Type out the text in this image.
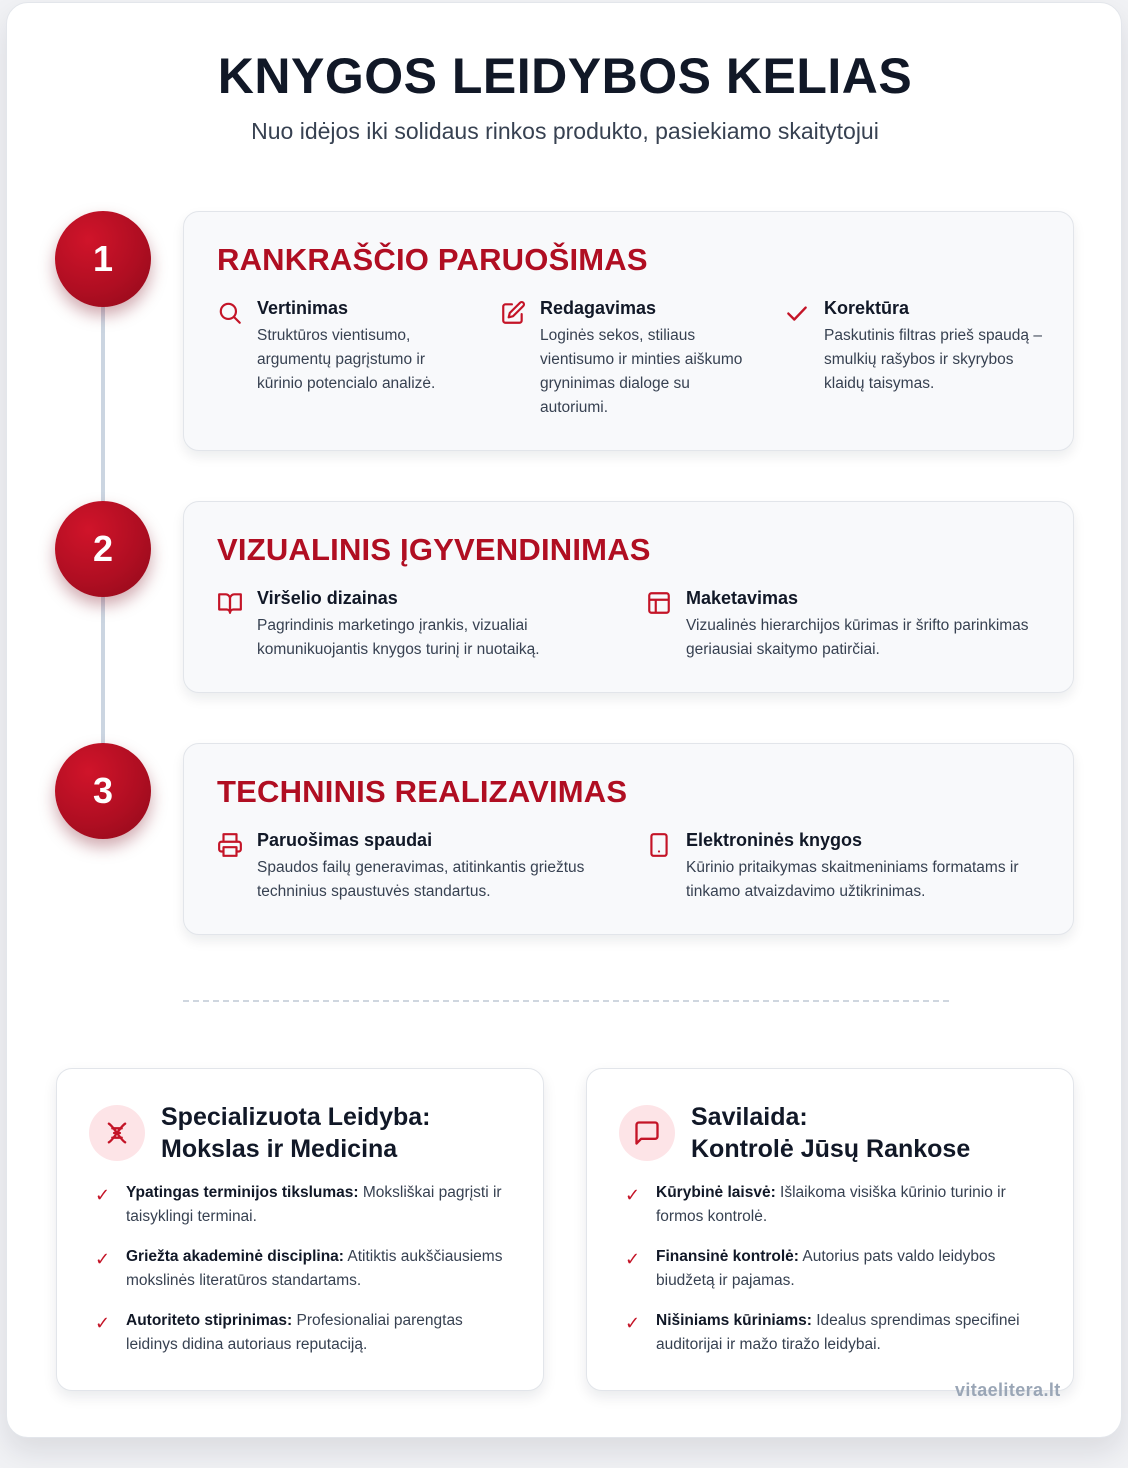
KNYGOS LEIDYBOS KELIAS
Nuo idėjos iki solidaus rinkos produkto, pasiekiamo skaitytojui
1	RANKRAŠČIO PARUOŠIMAS
Vertinimas
Struktūros vientisumo, argumentų pagrįstumo ir kūrinio potencialo analizė.
Redagavimas
Loginės sekos, stiliaus vientisumo ir minties aiškumo gryninimas dialoge su autoriumi.
Korektūra
Paskutinis filtras prieš spaudą – smulkių rašybos ir skyrybos klaidų taisymas.
2	VIZUALINIS ĮGYVENDINIMAS
Viršelio dizainas
Pagrindinis marketingo įrankis, vizualiai komunikuojantis knygos turinį ir nuotaiką.
Maketavimas
Vizualinės hierarchijos kūrimas ir šrifto parinkimas geriausiai skaitymo patirčiai.
3	TECHNINIS REALIZAVIMAS
Paruošimas spaudai
Spaudos failų generavimas, atitinkantis griežtus techninius spaustuvės standartus.
Elektroninės knygos
Kūrinio pritaikymas skaitmeniniams formatams ir tinkamo atvaizdavimo užtikrinimas.
Specializuota Leidyba:
Mokslas ir Medicina
✓ Ypatingas terminijos tikslumas: Moksliškai pagrįsti ir taisyklingi terminai.
✓ Griežta akademinė disciplina: Atitiktis aukščiausiems mokslinės literatūros standartams.
✓ Autoriteto stiprinimas: Profesionaliai parengtas leidinys didina autoriaus reputaciją.
Savilaida:
Kontrolė Jūsų Rankose
✓ Kūrybinė laisvė: Išlaikoma visiška kūrinio turinio ir formos kontrolė.
✓ Finansinė kontrolė: Autorius pats valdo leidybos biudžetą ir pajamas.
✓ Nišiniams kūriniams: Idealus sprendimas specifinei auditorijai ir mažo tiražo leidybai.
vitaelitera.lt
